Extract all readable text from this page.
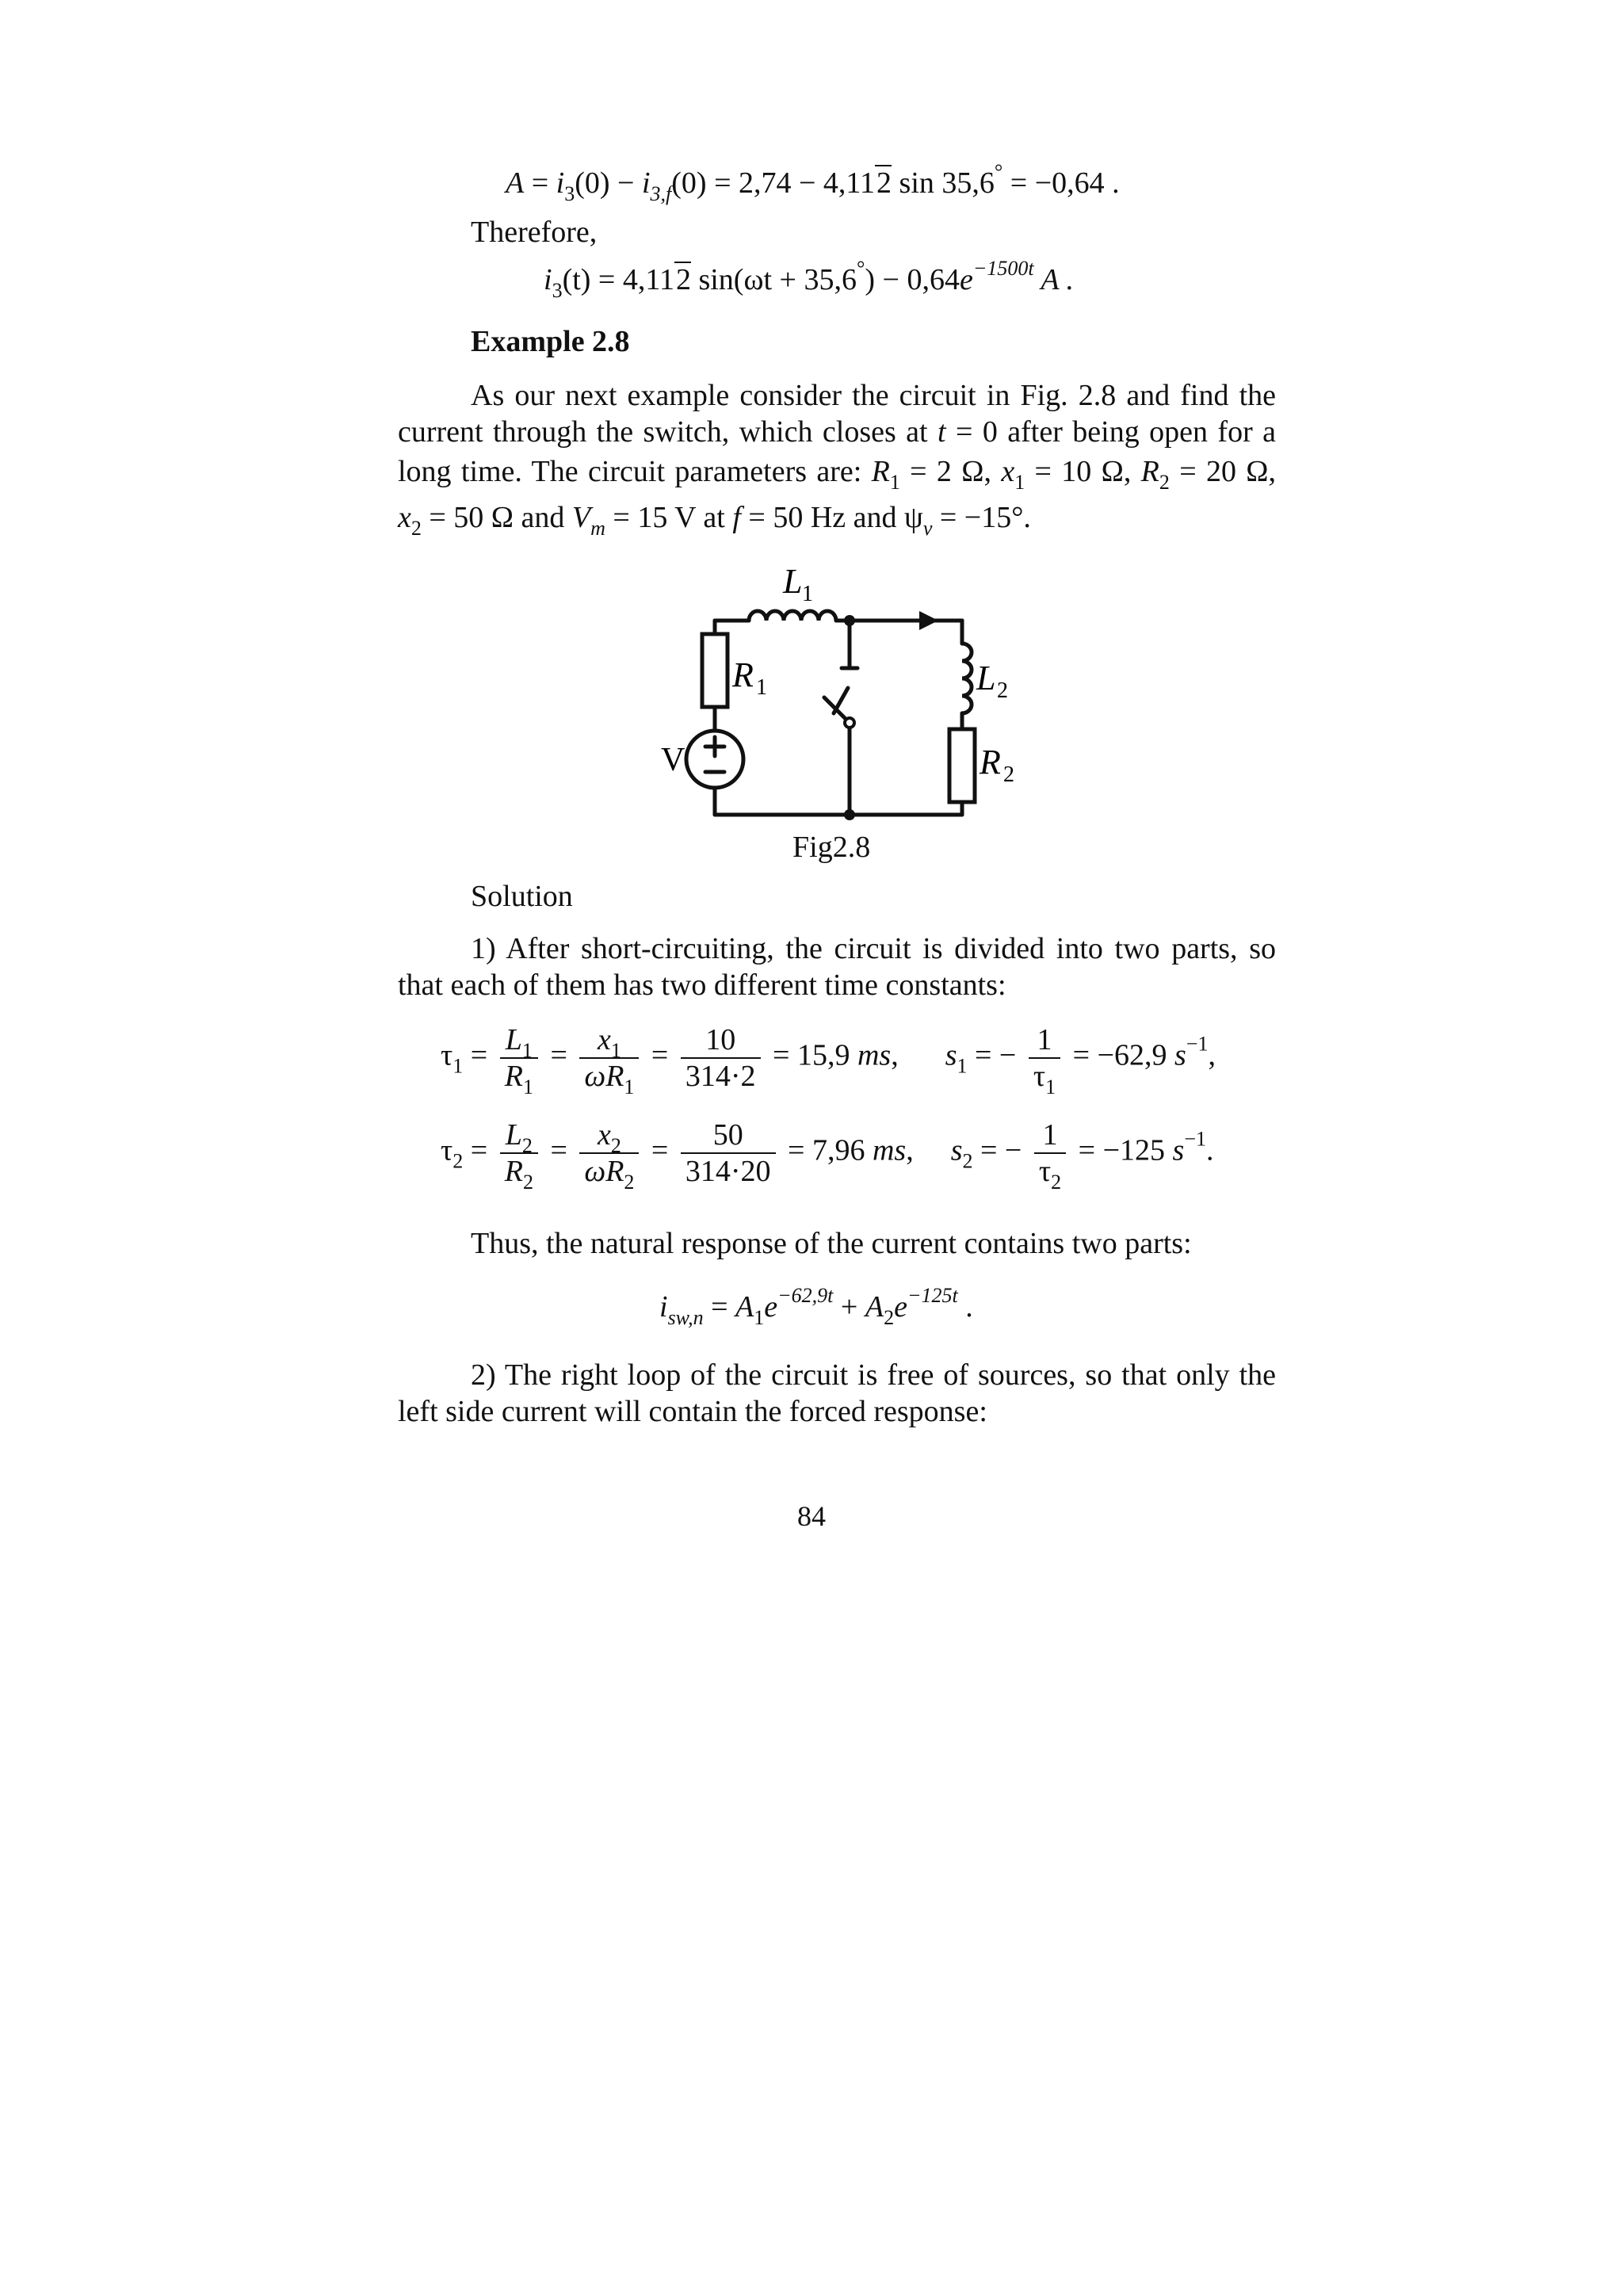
$A = i_3(0) - i_{3,f}(0) = 2,74 - 4,112$ sin 35,6° = −0,64 .
Therefore,
$i_3(t) = 4,112$ $\sin(\omega t + 35,6^\circ) - 0,64e^{-1500t}$ A .
Example 2.8
As our next example consider the circuit in Fig. 2.8 and find the
current through the switch, which closes at t = 0 after being open for a
long time. The circuit parameters are: $R_1 = 2$ Ω, $x_1 = 10$ Ω, $R_2 = 20$ Ω,
$x_2 = 50$ Ω and $V_m = 15$ V at f = 50 Hz and $\psi_v = -15^\circ$.
L 1
R 1	L 2
R 2
V
Fig2.8
Solution
1) After short-circuiting, the circuit is divided into two parts, so
that each of them has two different time constants:
$\tau_1 = \frac{L_1}{R_1} = \frac{x_1}{\omega R_1} = \frac{10}{314\cdot 2} = 15,9$ ms, $s_1$ = − $\frac{1}{\tau_1} = -62,9$ $s^{-1}$,
$\tau_2 = \frac{L_2}{R_2} = \frac{x_2}{\omega R_2} = \frac{50}{314\cdot 20} = 7,96$ ms, $s_2$ = − $\frac{1}{\tau_2} = -125$ $s^{-1}$.
Thus, the natural response of the current contains two parts:
$i_{sw,n} = A_1e^{-62,9t} + A_2e^{-125t}$ .
2) The right loop of the circuit is free of sources, so that only the
left side current will contain the forced response:
84
